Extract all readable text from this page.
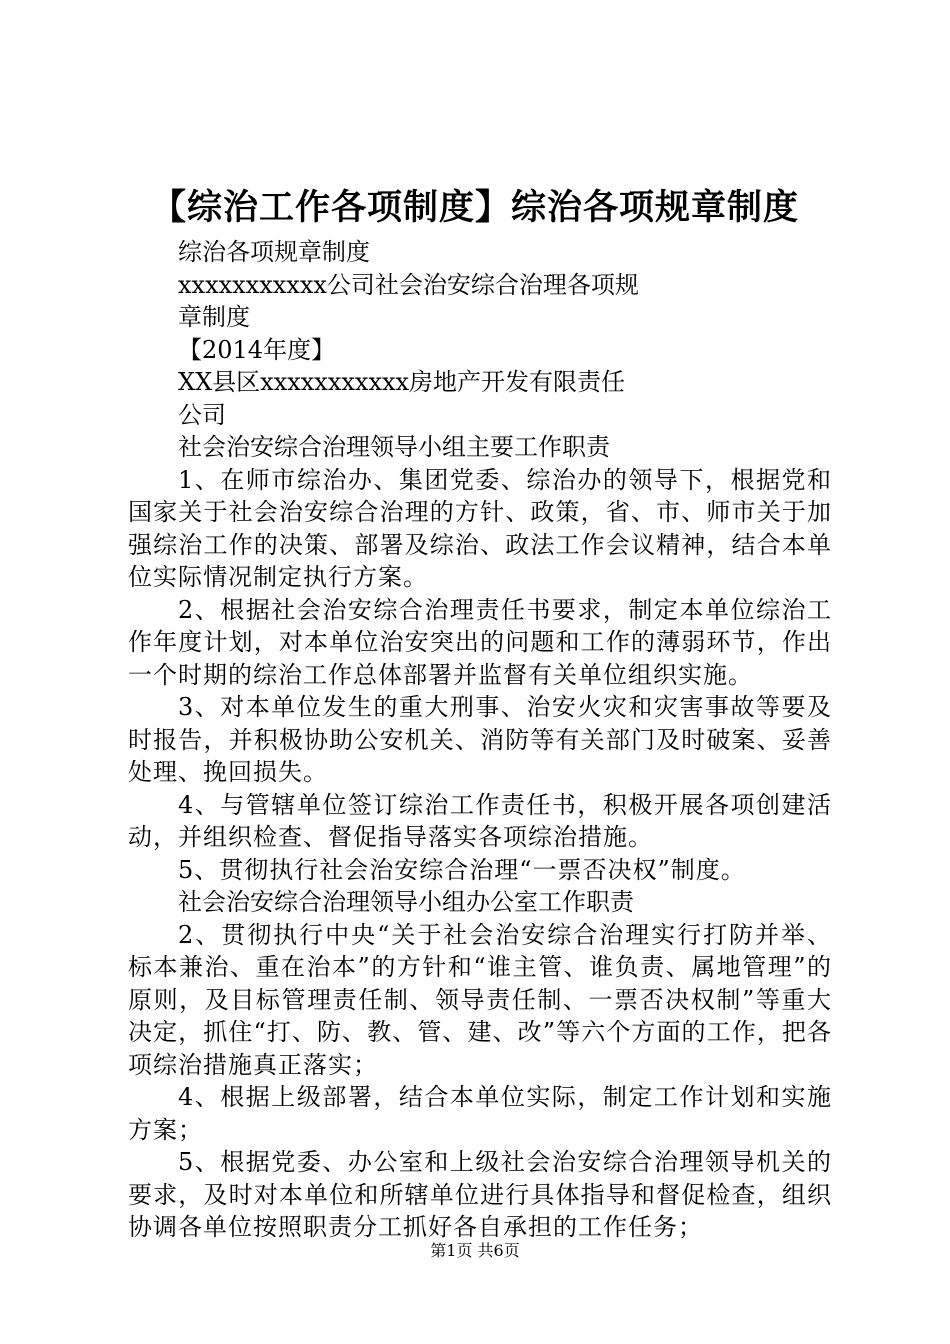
【综治工作各项制度】综治各项规章制度

综治各项规章制度

xxxxxxxxxxx公司社会治安综合治理各项规

章制度

【2014年度】

XX县区xxxxxxxxxxx房地产开发有限责任

公司

社会治安综合治理领导小组主要工作职责

1、在师市综治办、集团党委、综治办的领导下，根据党和国家关于社会治安综合治理的方针、政策，省、市、师市关于加强综治工作的决策、部署及综治、政法工作会议精神，结合本单位实际情况制定执行方案。

2、根据社会治安综合治理责任书要求，制定本单位综治工作年度计划，对本单位治安突出的问题和工作的薄弱环节，作出一个时期的综治工作总体部署并监督有关单位组织实施。

3、对本单位发生的重大刑事、治安火灾和灾害事故等要及时报告，并积极协助公安机关、消防等有关部门及时破案、妥善处理、挽回损失。

4、与管辖单位签订综治工作责任书，积极开展各项创建活动，并组织检查、督促指导落实各项综治措施。

5、贯彻执行社会治安综合治理“一票否决权”制度。

社会治安综合治理领导小组办公室工作职责

2、贯彻执行中央“关于社会治安综合治理实行打防并举、标本兼治、重在治本”的方针和“谁主管、谁负责、属地管理”的原则，及目标管理责任制、领导责任制、一票否决权制”等重大决定，抓住“打、防、教、管、建、改”等六个方面的工作，把各项综治措施真正落实；

4、根据上级部署，结合本单位实际，制定工作计划和实施方案；

5、根据党委、办公室和上级社会治安综合治理领导机关的要求，及时对本单位和所辖单位进行具体指导和督促检查，组织协调各单位按照职责分工抓好各自承担的工作任务；

第1页 共6页
